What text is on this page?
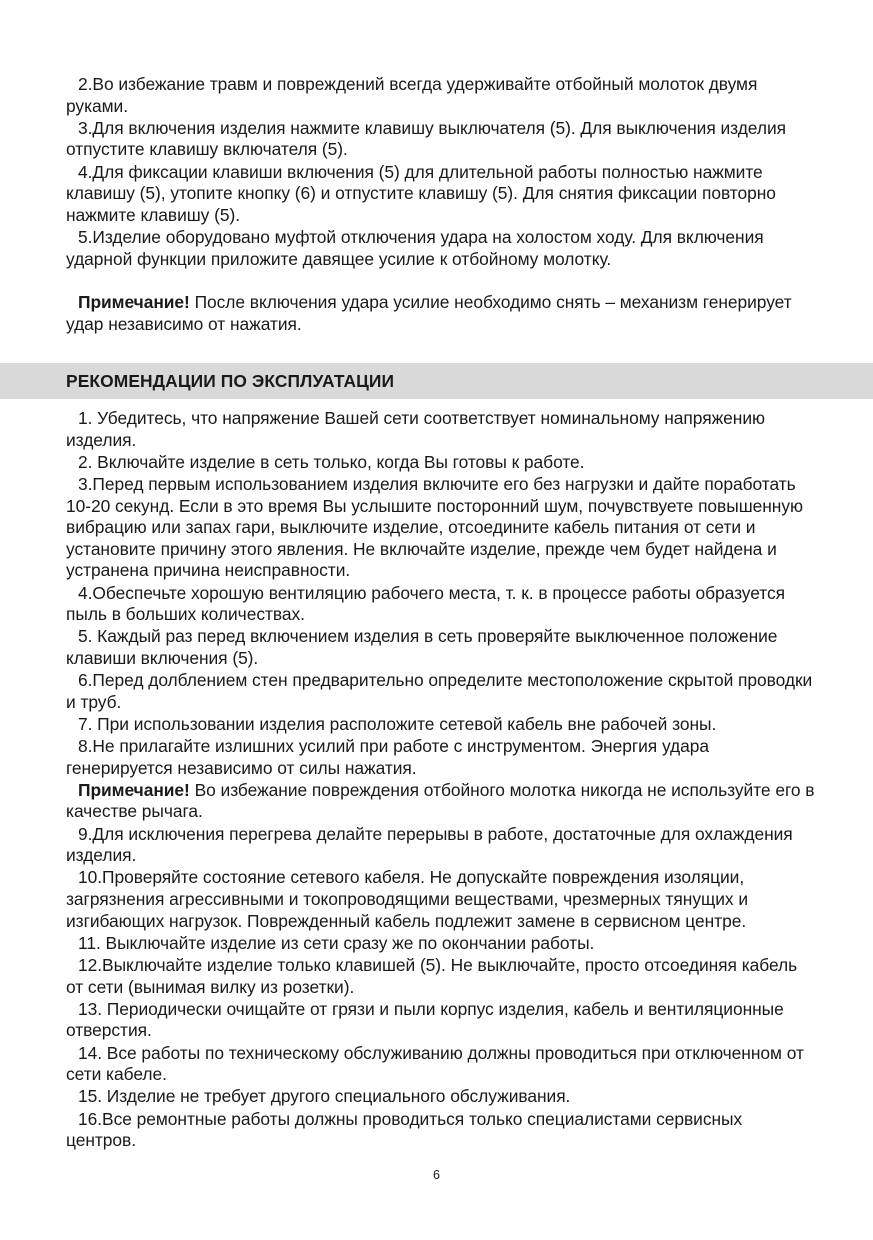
2.Во избежание травм и повреждений всегда удерживайте отбойный молоток двумя руками.

3.Для включения изделия нажмите клавишу выключателя (5). Для выключения изделия отпустите клавишу включателя (5).

4.Для фиксации клавиши включения (5) для длительной работы полностью нажмите клавишу (5), утопите кнопку (6) и отпустите клавишу (5). Для снятия фиксации повторно нажмите клавишу (5).

5.Изделие оборудовано муфтой отключения удара на холостом ходу. Для включения ударной функции приложите давящее усилие к отбойному молотку.

Примечание! После включения удара усилие необходимо снять – механизм генерирует удар независимо от нажатия.

РЕКОМЕНДАЦИИ ПО ЭКСПЛУАТАЦИИ

1. Убедитесь, что напряжение Вашей сети соответствует номинальному напряжению изделия.

2. Включайте изделие в сеть только, когда Вы готовы к работе.

3.Перед первым использованием изделия включите его без нагрузки и дайте поработать 10-20 секунд. Если в это время Вы услышите посторонний шум, почувствуете повышенную вибрацию или запах гари, выключите изделие, отсоедините кабель питания от сети и установите причину этого явления. Не включайте изделие, прежде чем будет найдена и устранена причина неисправности.

4.Обеспечьте хорошую вентиляцию рабочего места, т. к. в процессе работы образуется пыль в больших количествах.

5. Каждый раз перед включением изделия в сеть проверяйте выключенное положение клавиши включения (5).

6.Перед долблением стен предварительно определите местоположение скрытой проводки и труб.

7. При использовании изделия расположите сетевой кабель вне рабочей зоны.

8.Не прилагайте излишних усилий при работе с инструментом. Энергия удара генерируется независимо от силы нажатия.

Примечание! Во избежание повреждения отбойного молотка никогда не используйте его в качестве рычага.

9.Для исключения перегрева делайте перерывы в работе, достаточные для охлаждения изделия.

10.Проверяйте состояние сетевого кабеля. Не допускайте повреждения изоляции, загрязнения агрессивными и токопроводящими веществами, чрезмерных тянущих и изгибающих нагрузок. Поврежденный кабель подлежит замене в сервисном центре.

11. Выключайте изделие из сети сразу же по окончании работы.

12.Выключайте изделие только клавишей (5). Не выключайте, просто отсоединяя кабель от сети (вынимая вилку из розетки).

13. Периодически очищайте от грязи и пыли корпус изделия, кабель и вентиляционные отверстия.

14. Все работы по техническому обслуживанию должны проводиться при отключенном от сети кабеле.

15. Изделие не требует другого специального обслуживания.

16.Все ремонтные работы должны проводиться только специалистами сервисных центров.

6
